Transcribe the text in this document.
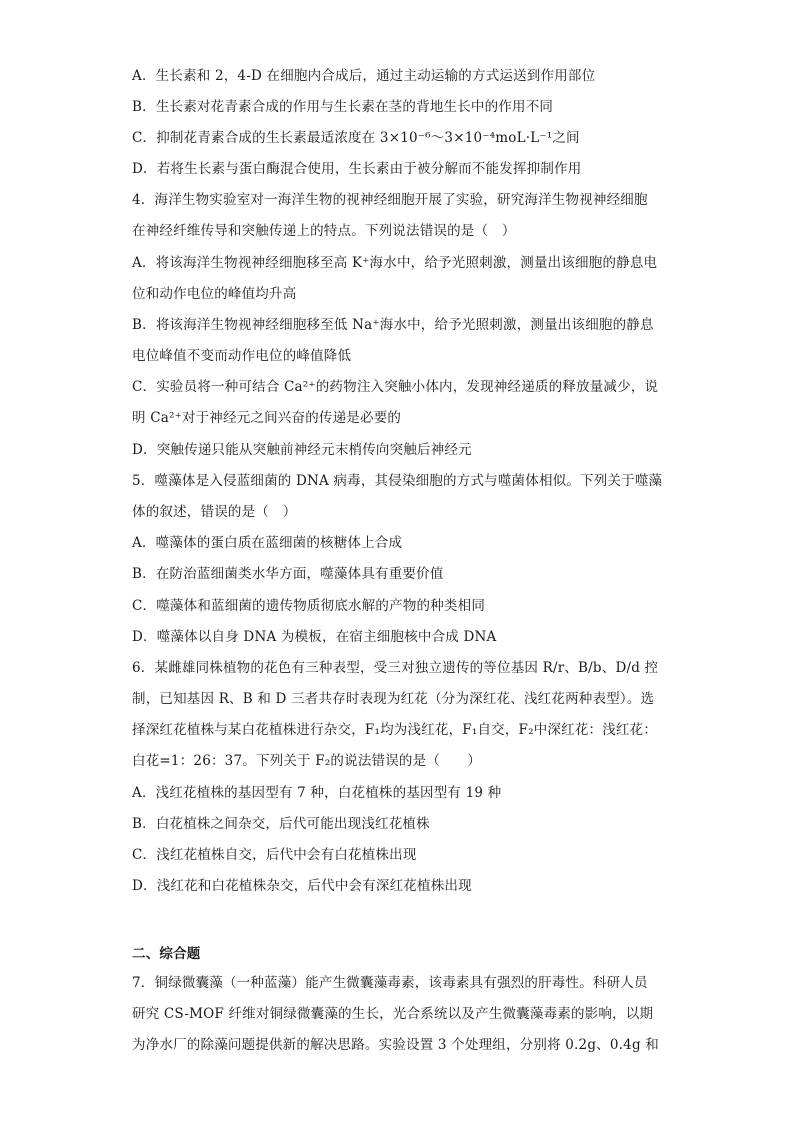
A．生长素和 2，4-D 在细胞内合成后，通过主动运输的方式运送到作用部位
B．生长素对花青素合成的作用与生长素在茎的背地生长中的作用不同
C．抑制花青素合成的生长素最适浓度在 3×10⁻⁶～3×10⁻⁴moL·L⁻¹之间
D．若将生长素与蛋白酶混合使用，生长素由于被分解而不能发挥抑制作用
4．海洋生物实验室对一海洋生物的视神经细胞开展了实验，研究海洋生物视神经细胞
在神经纤维传导和突触传递上的特点。下列说法错误的是（　）
A．将该海洋生物视神经细胞移至高 K⁺海水中，给予光照刺激，测量出该细胞的静息电
位和动作电位的峰值均升高
B．将该海洋生物视神经细胞移至低 Na⁺海水中，给予光照刺激，测量出该细胞的静息
电位峰值不变而动作电位的峰值降低
C．实验员将一种可结合 Ca²⁺的药物注入突触小体内，发现神经递质的释放量减少，说
明 Ca²⁺对于神经元之间兴奋的传递是必要的
D．突触传递只能从突触前神经元末梢传向突触后神经元
5．噬藻体是入侵蓝细菌的 DNA 病毒，其侵染细胞的方式与噬菌体相似。下列关于噬藻
体的叙述，错误的是（　）
A．噬藻体的蛋白质在蓝细菌的核糖体上合成
B．在防治蓝细菌类水华方面，噬藻体具有重要价值
C．噬藻体和蓝细菌的遗传物质彻底水解的产物的种类相同
D．噬藻体以自身 DNA 为模板，在宿主细胞核中合成 DNA
6．某雌雄同株植物的花色有三种表型，受三对独立遗传的等位基因 R/r、B/b、D/d 控
制，已知基因 R、B 和 D 三者共存时表现为红花（分为深红花、浅红花两种表型）。选
择深红花植株与某白花植株进行杂交，F₁均为浅红花，F₁自交，F₂中深红花：浅红花：
白花=1：26：37。下列关于 F₂的说法错误的是（　　）
A．浅红花植株的基因型有 7 种，白花植株的基因型有 19 种
B．白花植株之间杂交，后代可能出现浅红花植株
C．浅红花植株自交，后代中会有白花植株出现
D．浅红花和白花植株杂交，后代中会有深红花植株出现
二、综合题
7．铜绿微囊藻（一种蓝藻）能产生微囊藻毒素，该毒素具有强烈的肝毒性。科研人员
研究 CS-MOF 纤维对铜绿微囊藻的生长，光合系统以及产生微囊藻毒素的影响，以期
为净水厂的除藻问题提供新的解决思路。实验设置 3 个处理组，分别将 0.2g、0.4g 和
